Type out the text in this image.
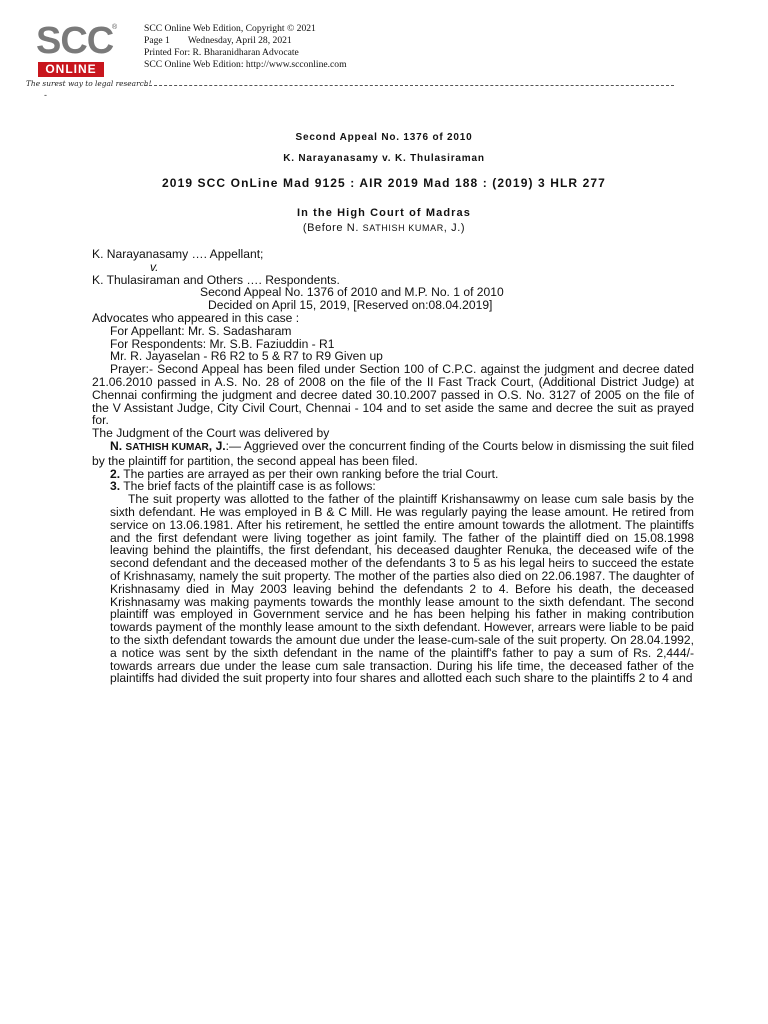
SCC
®
ONLINE
The surest way to legal research!
-
SCC Online Web Edition, Copyright © 2021
Page 1 Wednesday, April 28, 2021
Printed For: R. Bharanidharan Advocate
SCC Online Web Edition: http://www.scconline.com
Second Appeal No. 1376 of 2010
K. Narayanasamy v. K. Thulasiraman
2019 SCC OnLine Mad 9125 : AIR 2019 Mad 188 : (2019) 3 HLR 277
In the High Court of Madras
(Before N. SATHISH KUMAR, J.)
K. Narayanasamy …. Appellant;
v.
K. Thulasiraman and Others …. Respondents.
Second Appeal No. 1376 of 2010 and M.P. No. 1 of 2010
Decided on April 15, 2019, [Reserved on:08.04.2019]
Advocates who appeared in this case :
For Appellant: Mr. S. Sadasharam
For Respondents: Mr. S.B. Faziuddin - R1
Mr. R. Jayaselan - R6 R2 to 5 & R7 to R9 Given up
Prayer:- Second Appeal has been filed under Section 100 of C.P.C. against the judgment and decree dated 21.06.2010 passed in A.S. No. 28 of 2008 on the file of the II Fast Track Court, (Additional District Judge) at Chennai confirming the judgment and decree dated 30.10.2007 passed in O.S. No. 3127 of 2005 on the file of the V Assistant Judge, City Civil Court, Chennai - 104 and to set aside the same and decree the suit as prayed for.
The Judgment of the Court was delivered by
N. SATHISH KUMAR, J.:— Aggrieved over the concurrent finding of the Courts below in dismissing the suit filed by the plaintiff for partition, the second appeal has been filed.
2. The parties are arrayed as per their own ranking before the trial Court.
3. The brief facts of the plaintiff case is as follows:
The suit property was allotted to the father of the plaintiff Krishansawmy on lease cum sale basis by the sixth defendant. He was employed in B & C Mill. He was regularly paying the lease amount. He retired from service on 13.06.1981. After his retirement, he settled the entire amount towards the allotment. The plaintiffs and the first defendant were living together as joint family. The father of the plaintiff died on 15.08.1998 leaving behind the plaintiffs, the first defendant, his deceased daughter Renuka, the deceased wife of the second defendant and the deceased mother of the defendants 3 to 5 as his legal heirs to succeed the estate of Krishnasamy, namely the suit property. The mother of the parties also died on 22.06.1987. The daughter of Krishnasamy died in May 2003 leaving behind the defendants 2 to 4. Before his death, the deceased Krishnasamy was making payments towards the monthly lease amount to the sixth defendant. The second plaintiff was employed in Government service and he has been helping his father in making contribution towards payment of the monthly lease amount to the sixth defendant. However, arrears were liable to be paid to the sixth defendant towards the amount due under the lease-cum-sale of the suit property. On 28.04.1992, a notice was sent by the sixth defendant in the name of the plaintiff's father to pay a sum of Rs. 2,444/- towards arrears due under the lease cum sale transaction. During his life time, the deceased father of the plaintiffs had divided the suit property into four shares and allotted each such share to the plaintiffs 2 to 4 and
